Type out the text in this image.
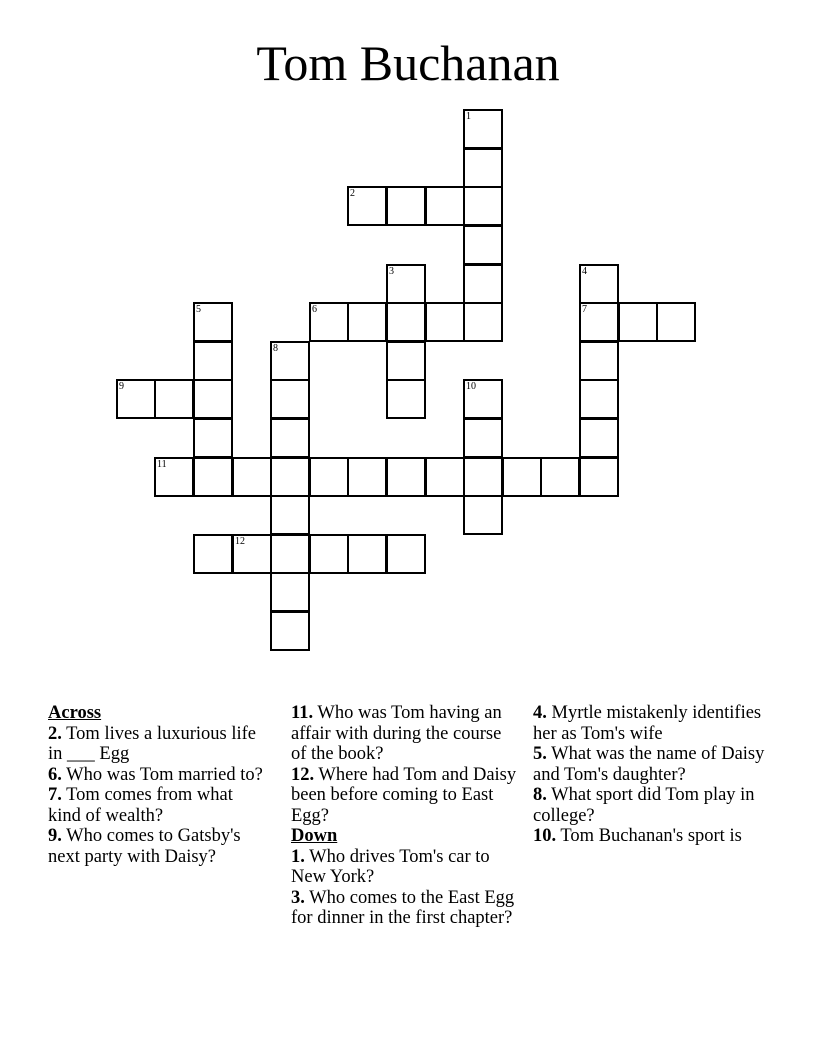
Tom Buchanan
1
2
3	4
7
5	6
8
9	10
11
12
Across

2. Tom lives a luxurious life in ___ Egg

6. Who was Tom married to?

7. Tom comes from what kind of wealth?

9. Who comes to Gatsby's next party with Daisy?

11. Who was Tom having an affair with during the course of the book?

12. Where had Tom and Daisy been before coming to East Egg?

Down

1. Who drives Tom's car to New York?

3. Who comes to the East Egg for dinner in the first chapter?

4. Myrtle mistakenly identifies her as Tom's wife

5. What was the name of Daisy and Tom's daughter?

8. What sport did Tom play in college?

10. Tom Buchanan's sport is
